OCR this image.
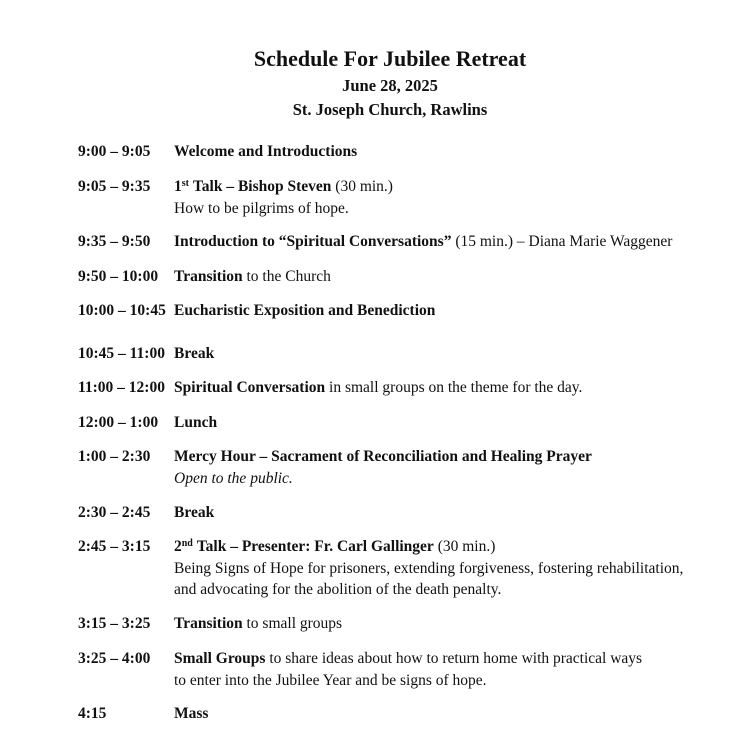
Schedule For Jubilee Retreat
June 28, 2025
St. Joseph Church, Rawlins
9:00 – 9:05 Welcome and Introductions
9:05 – 9:35 1st Talk – Bishop Steven (30 min.)
How to be pilgrims of hope.
9:35 – 9:50 Introduction to “Spiritual Conversations” (15 min.) – Diana Marie Waggener
9:50 – 10:00 Transition to the Church
10:00 – 10:45 Eucharistic Exposition and Benediction
10:45 – 11:00 Break
11:00 – 12:00 Spiritual Conversation in small groups on the theme for the day.
12:00 – 1:00 Lunch
1:00 – 2:30 Mercy Hour – Sacrament of Reconciliation and Healing Prayer
Open to the public.
2:30 – 2:45 Break
2:45 – 3:15 2nd Talk – Presenter: Fr. Carl Gallinger (30 min.)
Being Signs of Hope for prisoners, extending forgiveness, fostering rehabilitation,
and advocating for the abolition of the death penalty.
3:15 – 3:25 Transition to small groups
3:25 – 4:00 Small Groups to share ideas about how to return home with practical ways
to enter into the Jubilee Year and be signs of hope.
4:15	Mass
